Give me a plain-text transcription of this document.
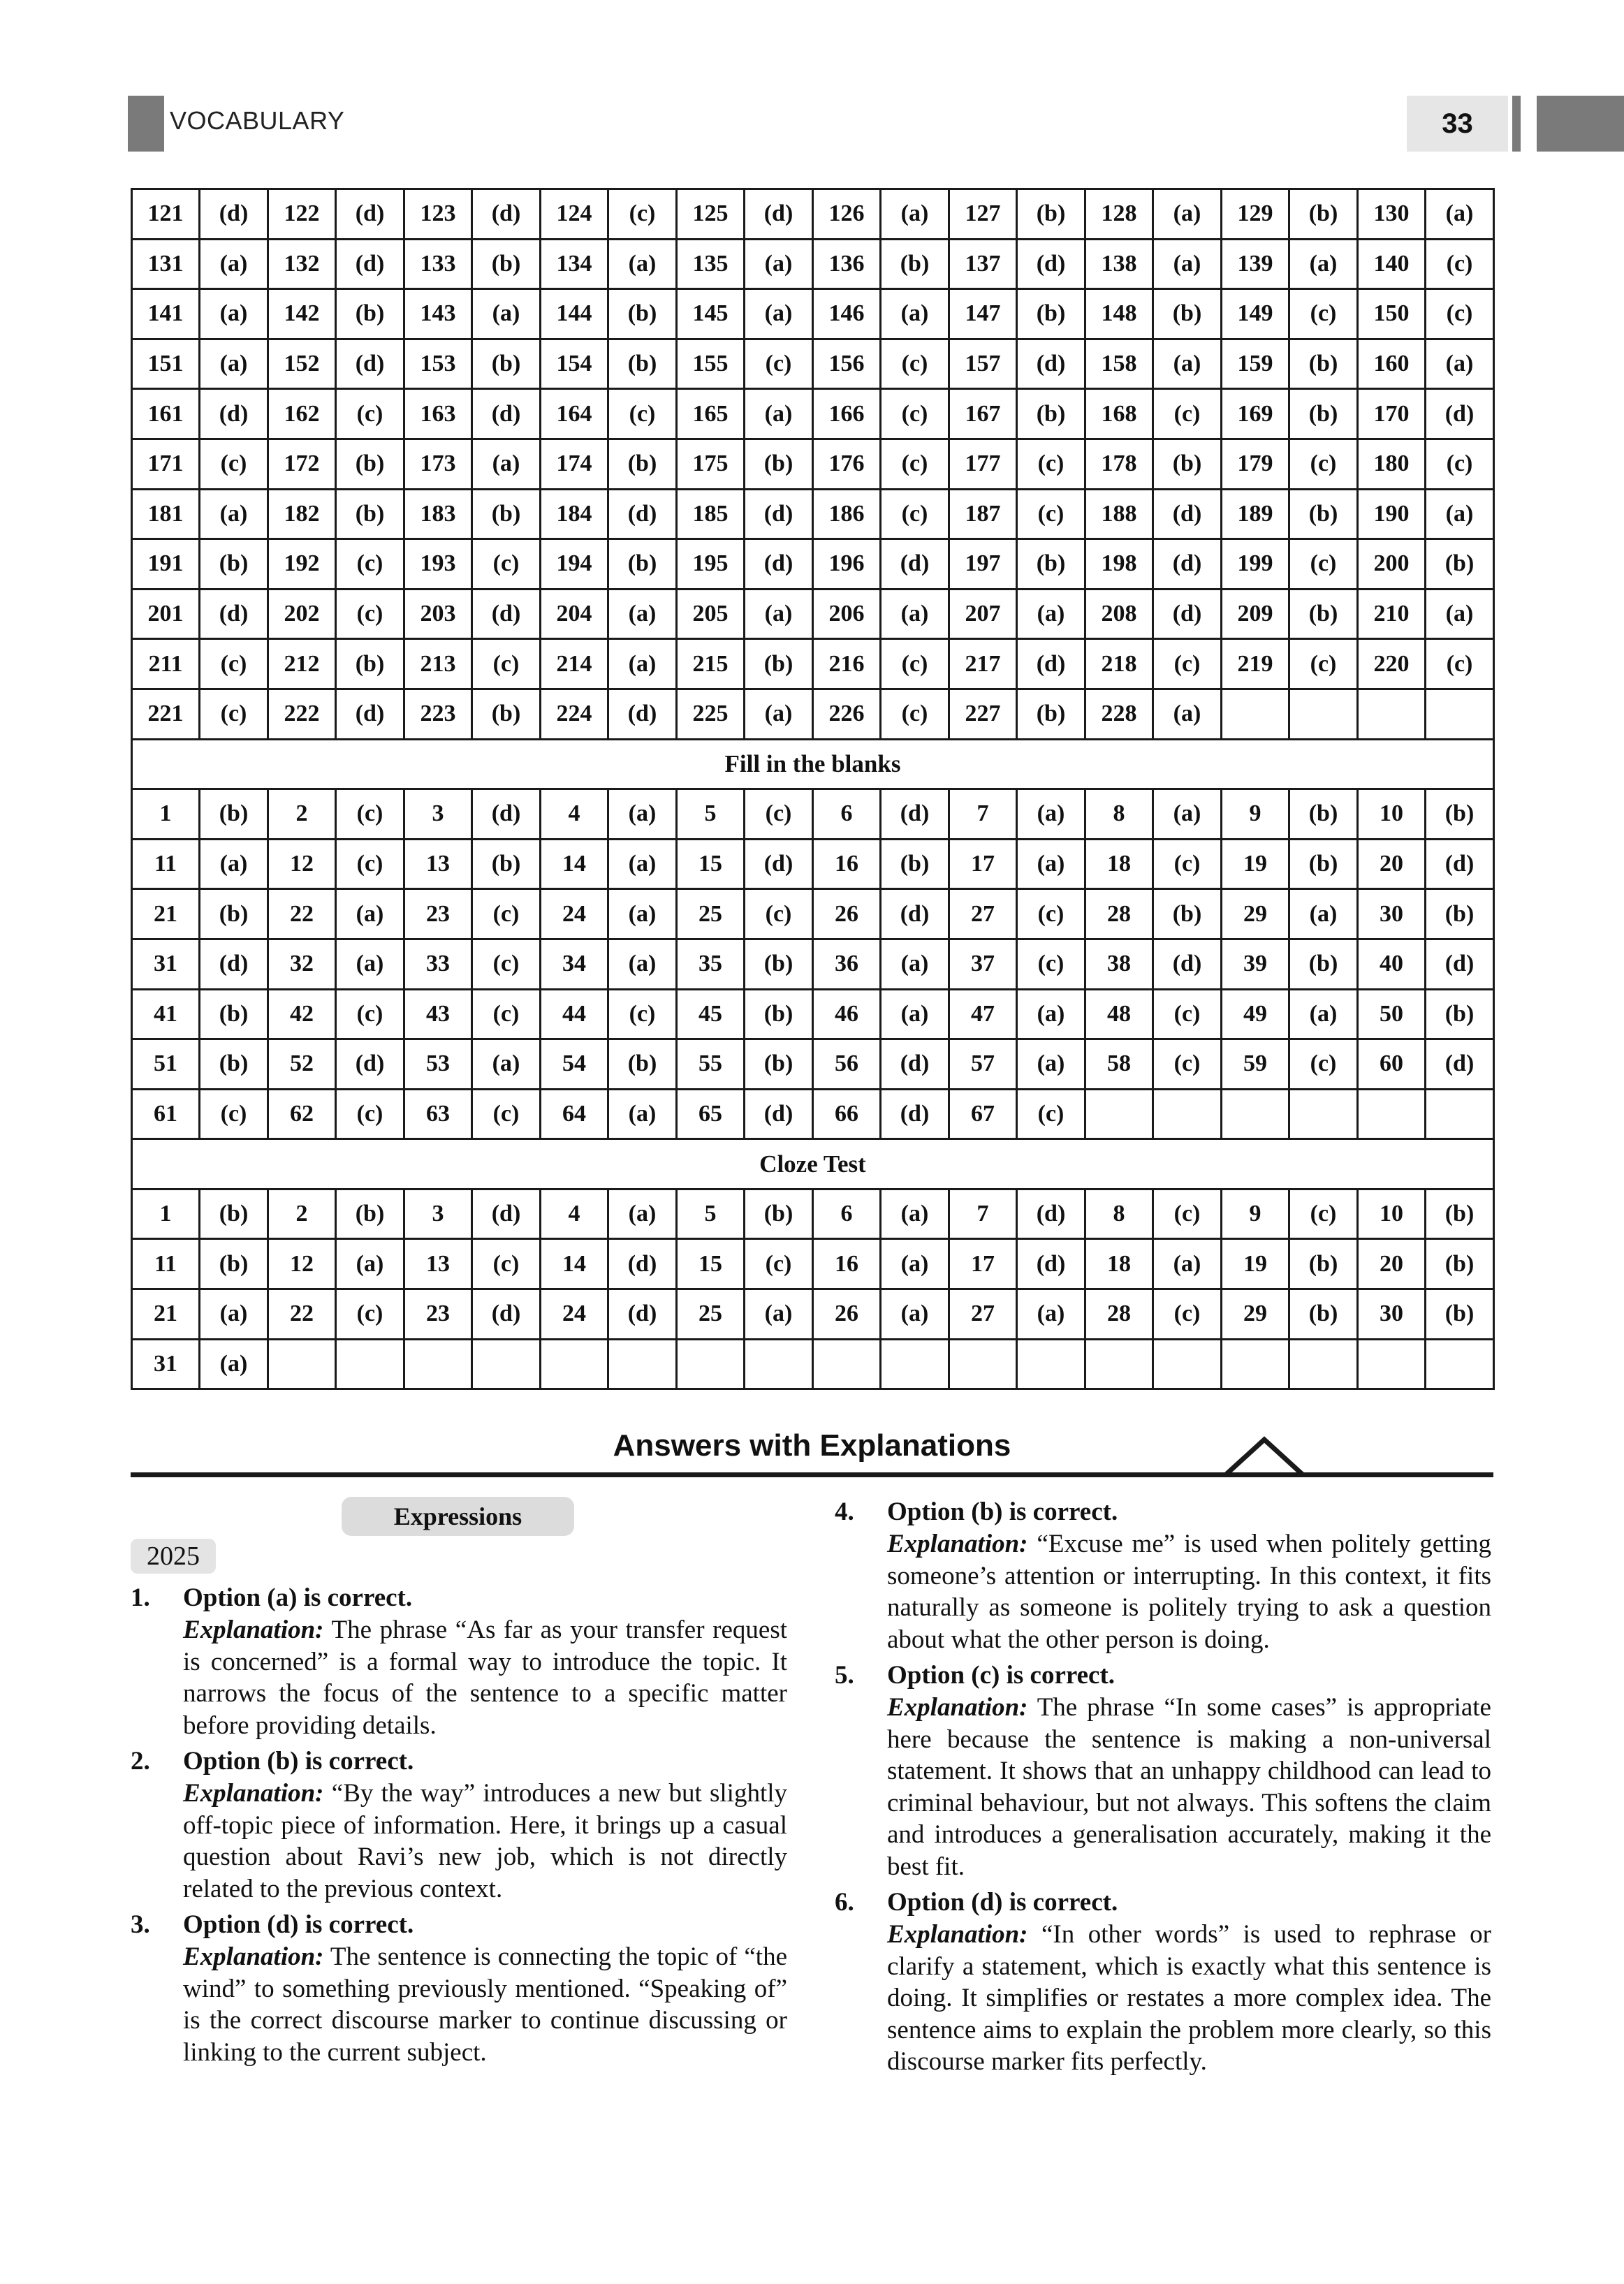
VOCABULARY	33
121	(d)	122	(d)	123	(d)	124	(c)	125	(d)	126	(a)	127	(b)	128	(a)	129	(b)	130	(a)
131	(a)	132	(d)	133	(b)	134	(a)	135	(a)	136	(b)	137	(d)	138	(a)	139	(a)	140	(c)
141	(a)	142	(b)	143	(a)	144	(b)	145	(a)	146	(a)	147	(b)	148	(b)	149	(c)	150	(c)
151	(a)	152	(d)	153	(b)	154	(b)	155	(c)	156	(c)	157	(d)	158	(a)	159	(b)	160	(a)
161	(d)	162	(c)	163	(d)	164	(c)	165	(a)	166	(c)	167	(b)	168	(c)	169	(b)	170	(d)
171	(c)	172	(b)	173	(a)	174	(b)	175	(b)	176	(c)	177	(c)	178	(b)	179	(c)	180	(c)
181	(a)	182	(b)	183	(b)	184	(d)	185	(d)	186	(c)	187	(c)	188	(d)	189	(b)	190	(a)
191	(b)	192	(c)	193	(c)	194	(b)	195	(d)	196	(d)	197	(b)	198	(d)	199	(c)	200	(b)
201	(d)	202	(c)	203	(d)	204	(a)	205	(a)	206	(a)	207	(a)	208	(d)	209	(b)	210	(a)
211	(c)	212	(b)	213	(c)	214	(a)	215	(b)	216	(c)	217	(d)	218	(c)	219	(c)	220	(c)
221	(c)	222	(d)	223	(b)	224	(d)	225	(a)	226	(c)	227	(b)	228	(a)				
Fill in the blanks																			
1	(b)	2	(c)	3	(d)	4	(a)	5	(c)	6	(d)	7	(a)	8	(a)	9	(b)	10	(b)
11	(a)	12	(c)	13	(b)	14	(a)	15	(d)	16	(b)	17	(a)	18	(c)	19	(b)	20	(d)
21	(b)	22	(a)	23	(c)	24	(a)	25	(c)	26	(d)	27	(c)	28	(b)	29	(a)	30	(b)
31	(d)	32	(a)	33	(c)	34	(a)	35	(b)	36	(a)	37	(c)	38	(d)	39	(b)	40	(d)
41	(b)	42	(c)	43	(c)	44	(c)	45	(b)	46	(a)	47	(a)	48	(c)	49	(a)	50	(b)
51	(b)	52	(d)	53	(a)	54	(b)	55	(b)	56	(d)	57	(a)	58	(c)	59	(c)	60	(d)
61	(c)	62	(c)	63	(c)	64	(a)	65	(d)	66	(d)	67	(c)						
Cloze Test																			
1	(b)	2	(b)	3	(d)	4	(a)	5	(b)	6	(a)	7	(d)	8	(c)	9	(c)	10	(b)
11	(b)	12	(a)	13	(c)	14	(d)	15	(c)	16	(a)	17	(d)	18	(a)	19	(b)	20	(b)
21	(a)	22	(c)	23	(d)	24	(d)	25	(a)	26	(a)	27	(a)	28	(c)	29	(b)	30	(b)
31	(a)																		
Answers with Explanations
Expressions
2025
1. Option (a) is correct.
Explanation: The phrase “As far as your transfer request is concerned” is a formal way to introduce the topic. It narrows the focus of the sentence to a specific matter before providing details.
2. Option (b) is correct.
Explanation: “By the way” introduces a new but slightly off-topic piece of information. Here, it brings up a casual question about Ravi’s new job, which is not directly related to the previous context.
3. Option (d) is correct.
Explanation: The sentence is connecting the topic of “the wind” to something previously mentioned. “Speaking of” is the correct discourse marker to continue discussing or linking to the current subject.
4. Option (b) is correct.
Explanation: “Excuse me” is used when politely getting someone’s attention or interrupting. In this context, it fits naturally as someone is politely trying to ask a question about what the other person is doing.
5. Option (c) is correct.
Explanation: The phrase “In some cases” is appropriate here because the sentence is making a non-universal statement. It shows that an unhappy childhood can lead to criminal behaviour, but not always. This softens the claim and introduces a generalisation accurately, making it the best fit.
6. Option (d) is correct.
Explanation: “In other words” is used to rephrase or clarify a statement, which is exactly what this sentence is doing. It simplifies or restates a more complex idea. The sentence aims to explain the problem more clearly, so this discourse marker fits perfectly.
